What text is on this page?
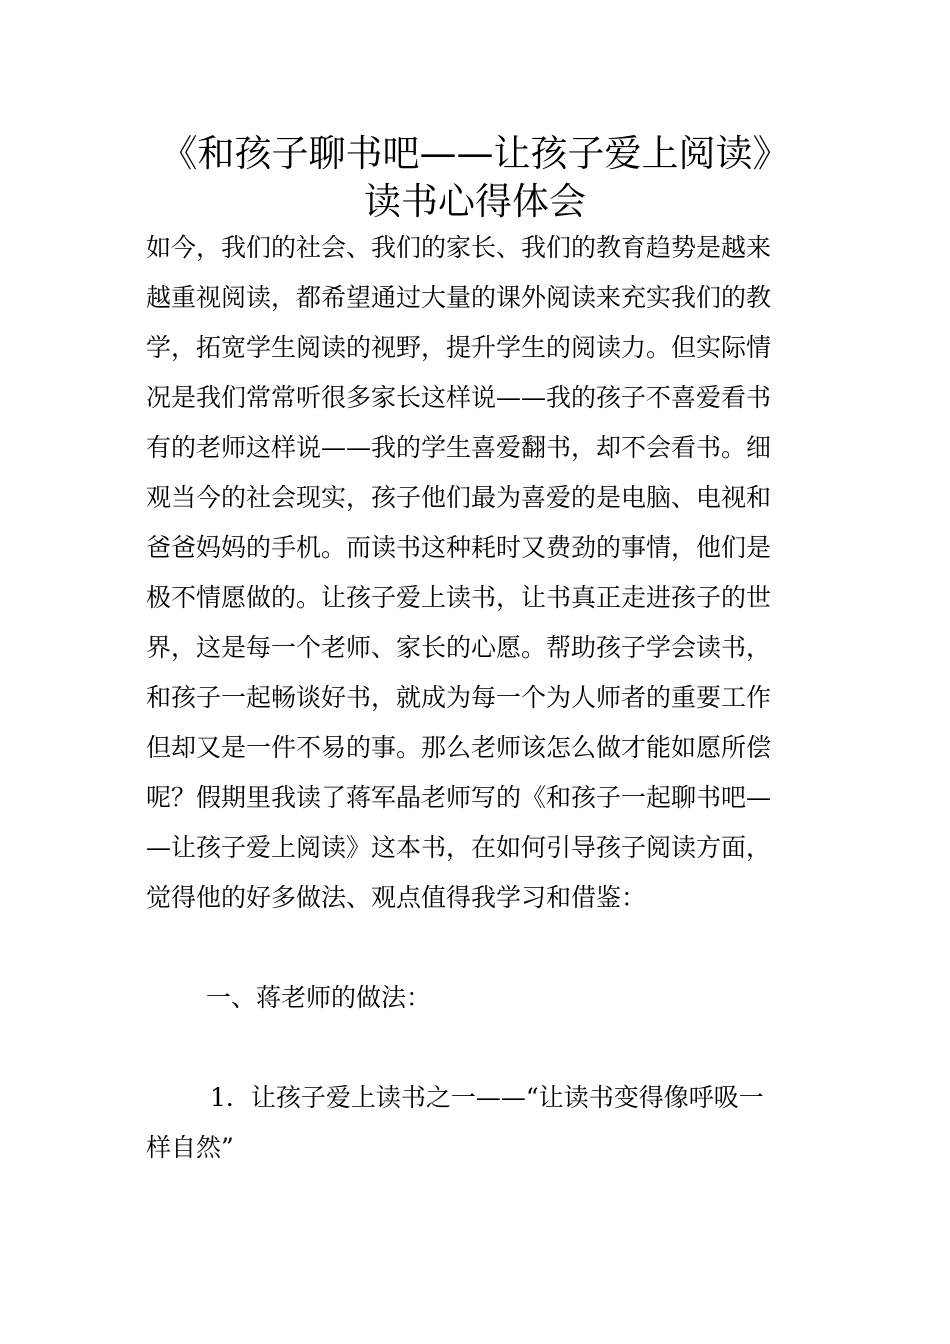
《和孩子聊书吧——让孩子爱上阅读》
读书心得体会
如今，我们的社会、我们的家长、我们的教育趋势是越来
越重视阅读，都希望通过大量的课外阅读来充实我们的教
学，拓宽学生阅读的视野，提升学生的阅读力。但实际情
况是我们常常听很多家长这样说——我的孩子不喜爱看书
有的老师这样说——我的学生喜爱翻书，却不会看书。细
观当今的社会现实，孩子他们最为喜爱的是电脑、电视和
爸爸妈妈的手机。而读书这种耗时又费劲的事情，他们是
极不情愿做的。让孩子爱上读书，让书真正走进孩子的世
界，这是每一个老师、家长的心愿。帮助孩子学会读书，
和孩子一起畅谈好书，就成为每一个为人师者的重要工作
但却又是一件不易的事。那么老师该怎么做才能如愿所偿
呢？假期里我读了蒋军晶老师写的《和孩子一起聊书吧—
—让孩子爱上阅读》这本书，在如何引导孩子阅读方面，
觉得他的好多做法、观点值得我学习和借鉴：
一、蒋老师的做法：
1．让孩子爱上读书之一——“让读书变得像呼吸一
样自然”
